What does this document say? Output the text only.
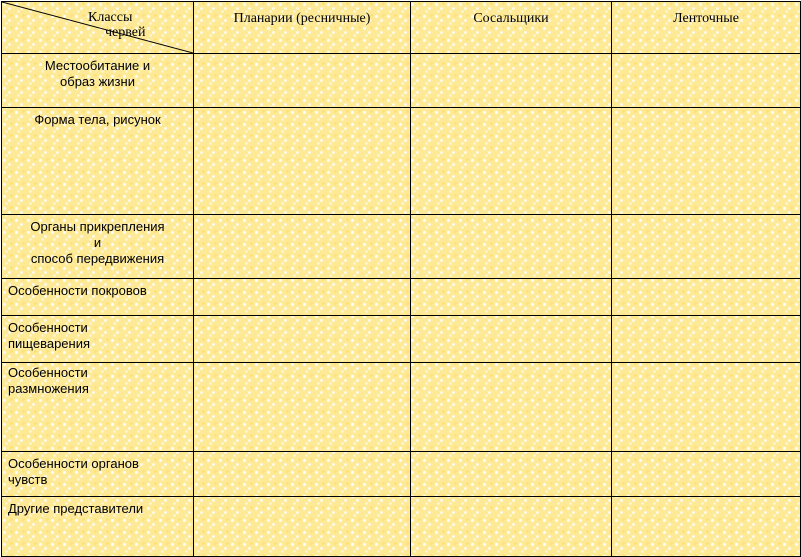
Классы
червей	Планарии (ресничные)	Сосальщики	Ленточные

Местообитание и
образ жизни			

Форма тела, рисунок			

Органы прикрепления
и
способ передвижения			

Особенности покровов			

Особенности
пищеварения			

Особенности
размножения			

Особенности органов
чувств			

Другие представители			
